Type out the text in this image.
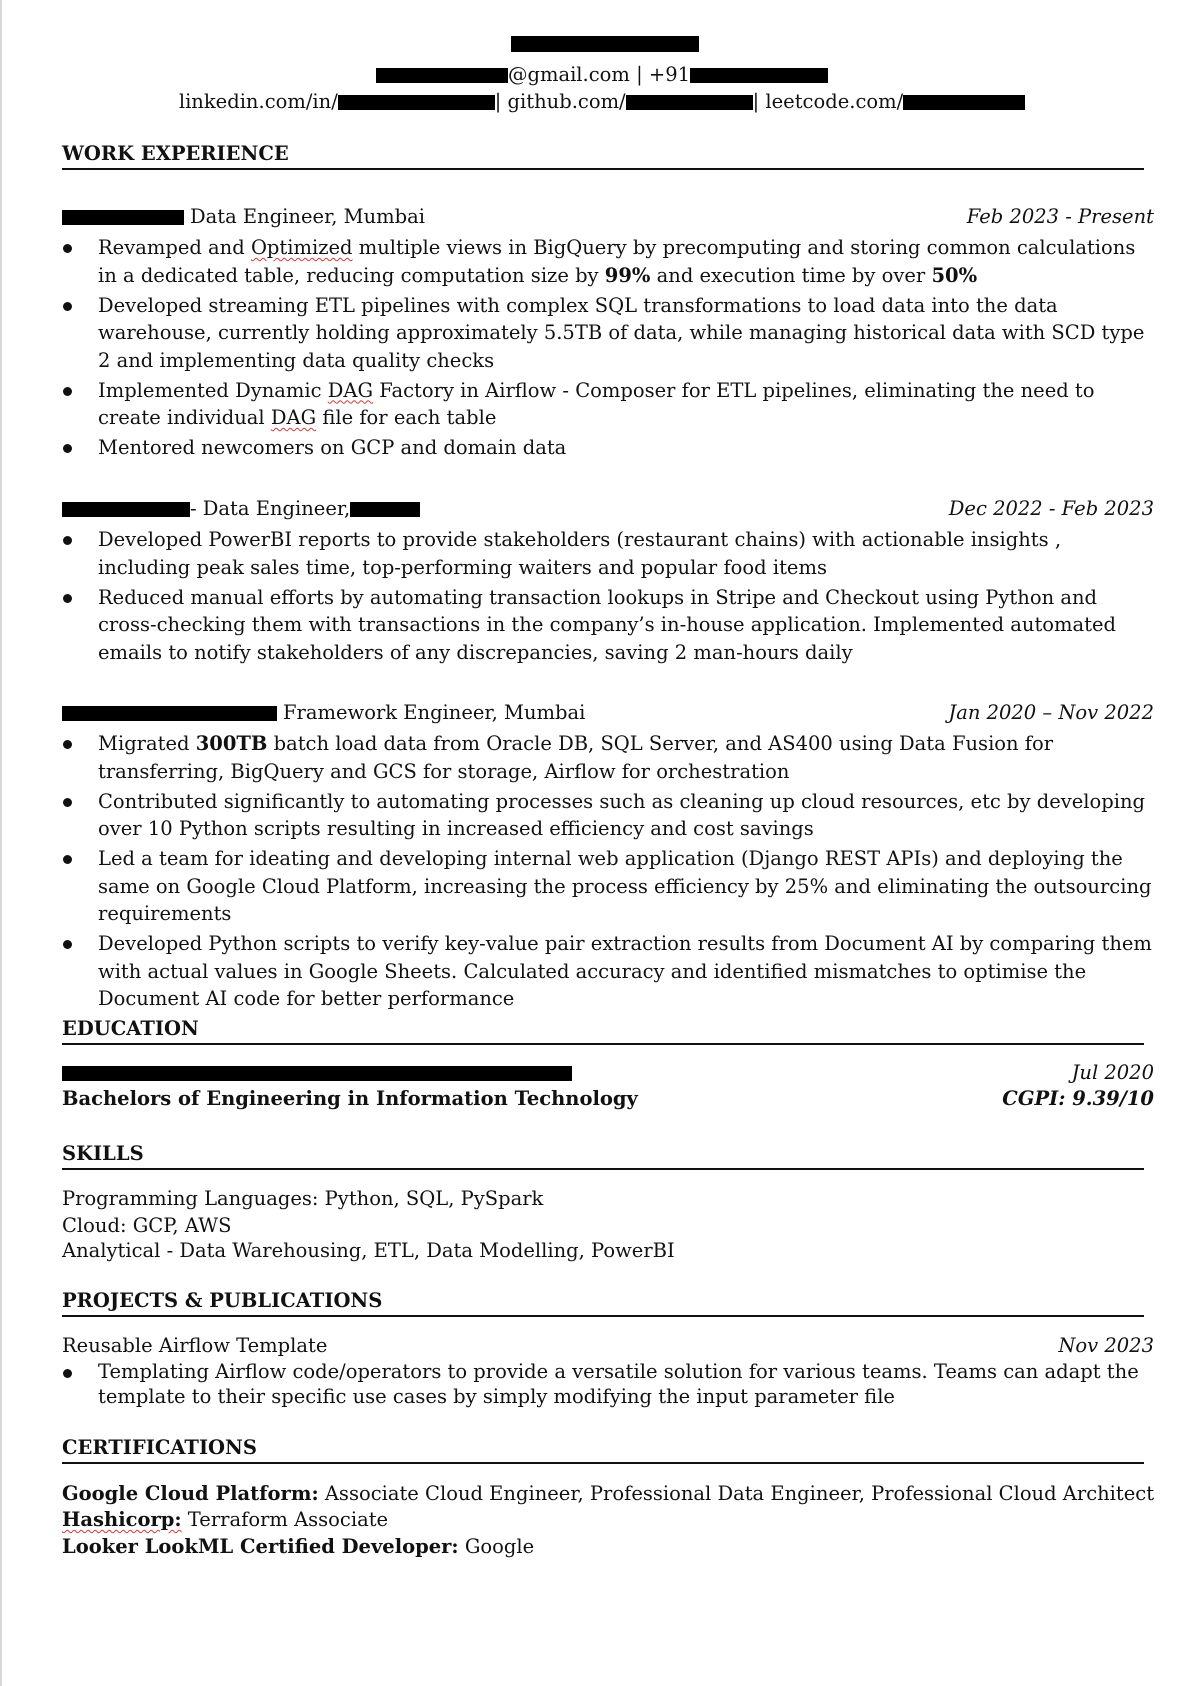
@gmail.com | +91
linkedin.com/in/	| github.com/	| leetcode.com/
WORK EXPERIENCE
Data Engineer, Mumbai	Feb 2023 - Present
Revamped and Optimized multiple views in BigQuery by precomputing and storing common calculations in a dedicated table, reducing computation size by 99% and execution time by over 50%
Developed streaming ETL pipelines with complex SQL transformations to load data into the data warehouse, currently holding approximately 5.5TB of data, while managing historical data with SCD type 2 and implementing data quality checks
Implemented Dynamic DAG Factory in Airflow - Composer for ETL pipelines, eliminating the need to create individual DAG file for each table
Mentored newcomers on GCP and domain data
- Data Engineer,	Dec 2022 - Feb 2023
Developed PowerBI reports to provide stakeholders (restaurant chains) with actionable insights , including peak sales time, top-performing waiters and popular food items
Reduced manual efforts by automating transaction lookups in Stripe and Checkout using Python and cross-checking them with transactions in the company’s in-house application. Implemented automated emails to notify stakeholders of any discrepancies, saving 2 man-hours daily
Framework Engineer, Mumbai	Jan 2020 – Nov 2022
Migrated 300TB batch load data from Oracle DB, SQL Server, and AS400 using Data Fusion for transferring, BigQuery and GCS for storage, Airflow for orchestration
Contributed significantly to automating processes such as cleaning up cloud resources, etc by developing over 10 Python scripts resulting in increased efficiency and cost savings
Led a team for ideating and developing internal web application (Django REST APIs) and deploying the same on Google Cloud Platform, increasing the process efficiency by 25% and eliminating the outsourcing requirements
Developed Python scripts to verify key-value pair extraction results from Document AI by comparing them with actual values in Google Sheets. Calculated accuracy and identified mismatches to optimise the Document AI code for better performance
EDUCATION
Jul 2020
Bachelors of Engineering in Information Technology	CGPI: 9.39/10
SKILLS
Programming Languages: Python, SQL, PySpark
Cloud: GCP, AWS
Analytical - Data Warehousing, ETL, Data Modelling, PowerBI
PROJECTS & PUBLICATIONS
Reusable Airflow Template	Nov 2023
Templating Airflow code/operators to provide a versatile solution for various teams. Teams can adapt the template to their specific use cases by simply modifying the input parameter file
CERTIFICATIONS
Google Cloud Platform: Associate Cloud Engineer, Professional Data Engineer, Professional Cloud Architect
Hashicorp: Terraform Associate
Looker LookML Certified Developer: Google
